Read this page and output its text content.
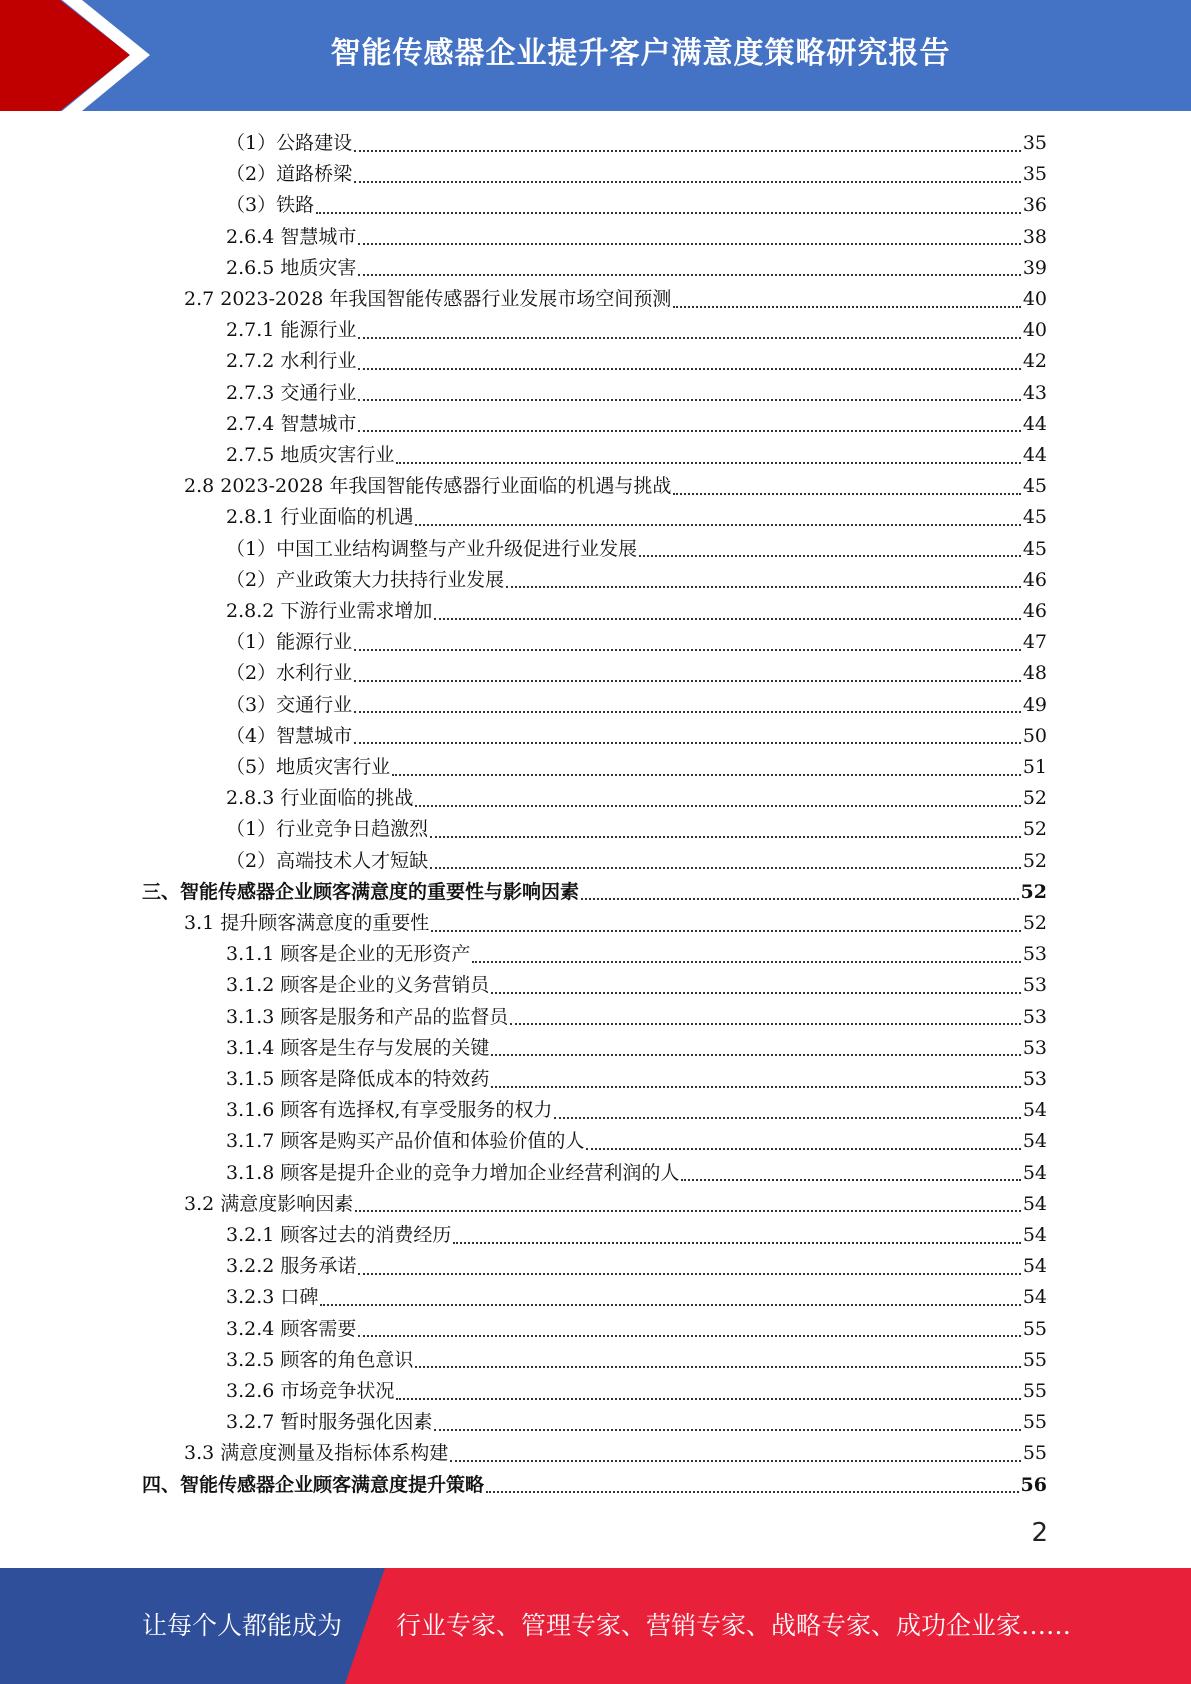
智能传感器企业提升客户满意度策略研究报告
（1）公路建设	35
（2）道路桥梁	35
（3）铁路	36
2.6.4 智慧城市	38
2.6.5 地质灾害	39
2.7 2023-2028 年我国智能传感器行业发展市场空间预测	40
2.7.1 能源行业	40
2.7.2 水利行业	42
2.7.3 交通行业	43
2.7.4 智慧城市	44
2.7.5 地质灾害行业	44
2.8 2023-2028 年我国智能传感器行业面临的机遇与挑战	45
2.8.1 行业面临的机遇	45
（1）中国工业结构调整与产业升级促进行业发展	45
（2）产业政策大力扶持行业发展	46
2.8.2 下游行业需求增加	46
（1）能源行业	47
（2）水利行业	48
（3）交通行业	49
（4）智慧城市	50
（5）地质灾害行业	51
2.8.3 行业面临的挑战	52
（1）行业竞争日趋激烈	52
（2）高端技术人才短缺	52
三、智能传感器企业顾客满意度的重要性与影响因素	52
3.1 提升顾客满意度的重要性	52
3.1.1 顾客是企业的无形资产	53
3.1.2 顾客是企业的义务营销员	53
3.1.3 顾客是服务和产品的监督员	53
3.1.4 顾客是生存与发展的关键	53
3.1.5 顾客是降低成本的特效药	53
3.1.6 顾客有选择权,有享受服务的权力	54
3.1.7 顾客是购买产品价值和体验价值的人	54
3.1.8 顾客是提升企业的竞争力增加企业经营利润的人	54
3.2 满意度影响因素	54
3.2.1 顾客过去的消费经历	54
3.2.2 服务承诺	54
3.2.3 口碑	54
3.2.4 顾客需要	55
3.2.5 顾客的角色意识	55
3.2.6 市场竞争状况	55
3.2.7 暂时服务强化因素	55
3.3 满意度测量及指标体系构建	55
四、智能传感器企业顾客满意度提升策略	56
2
让每个人都能成为 行业专家、管理专家、营销专家、战略专家、成功企业家……
